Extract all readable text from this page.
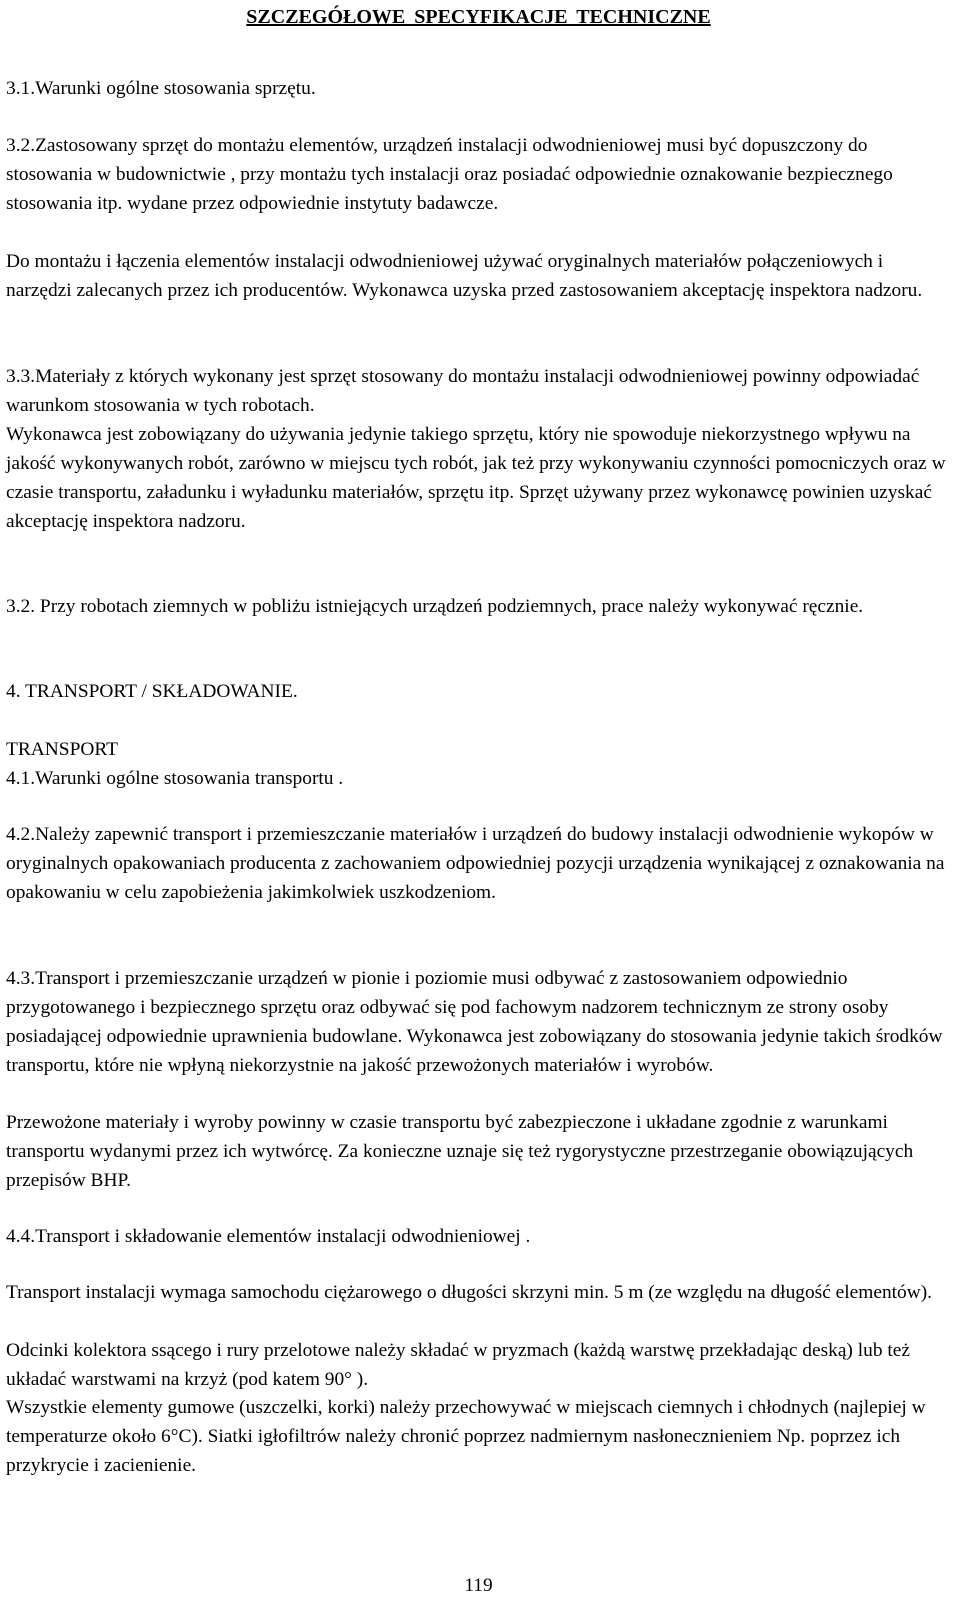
SZCZEGÓŁOWE SPECYFIKACJE TECHNICZNE

3.1.Warunki ogólne stosowania sprzętu.

3.2.Zastosowany sprzęt do montażu elementów, urządzeń instalacji odwodnieniowej musi być dopuszczony do stosowania w budownictwie , przy montażu tych instalacji oraz posiadać odpowiednie oznakowanie bezpiecznego stosowania itp. wydane przez odpowiednie instytuty badawcze.

Do montażu i łączenia elementów instalacji odwodnieniowej używać oryginalnych materiałów połączeniowych i narzędzi zalecanych przez ich producentów. Wykonawca uzyska przed zastosowaniem akceptację inspektora nadzoru.

3.3.Materiały z których wykonany jest sprzęt stosowany do montażu instalacji odwodnieniowej powinny odpowiadać warunkom stosowania w tych robotach.

Wykonawca jest zobowiązany do używania jedynie takiego sprzętu, który nie spowoduje niekorzystnego wpływu na jakość wykonywanych robót, zarówno w miejscu tych robót, jak też przy wykonywaniu czynności pomocniczych oraz w czasie transportu, załadunku i wyładunku materiałów, sprzętu itp. Sprzęt używany przez wykonawcę powinien uzyskać akceptację inspektora nadzoru.

3.2. Przy robotach ziemnych w pobliżu istniejących urządzeń podziemnych, prace należy wykonywać ręcznie.

4. TRANSPORT / SKŁADOWANIE.

TRANSPORT

4.1.Warunki ogólne stosowania transportu .

4.2.Należy zapewnić transport i przemieszczanie materiałów i urządzeń do budowy instalacji odwodnienie wykopów w oryginalnych opakowaniach producenta z zachowaniem odpowiedniej pozycji urządzenia wynikającej z oznakowania na opakowaniu w celu zapobieżenia jakimkolwiek uszkodzeniom.

4.3.Transport i przemieszczanie urządzeń w pionie i poziomie musi odbywać z zastosowaniem odpowiednio przygotowanego i bezpiecznego sprzętu oraz odbywać się pod fachowym nadzorem technicznym ze strony osoby posiadającej odpowiednie uprawnienia budowlane. Wykonawca jest zobowiązany do stosowania jedynie takich środków transportu, które nie wpłyną niekorzystnie na jakość przewożonych materiałów i wyrobów.

Przewożone materiały i wyroby powinny w czasie transportu być zabezpieczone i układane zgodnie z warunkami transportu wydanymi przez ich wytwórcę. Za konieczne uznaje się też rygorystyczne przestrzeganie obowiązujących przepisów BHP.

4.4.Transport i składowanie elementów instalacji odwodnieniowej .

Transport instalacji wymaga samochodu ciężarowego o długości skrzyni min. 5 m (ze względu na długość elementów).

Odcinki kolektora ssącego i rury przelotowe należy składać w pryzmach (każdą warstwę przekładając deską) lub też układać warstwami na krzyż (pod katem 90° ).

Wszystkie elementy gumowe (uszczelki, korki) należy przechowywać w miejscach ciemnych i chłodnych (najlepiej w temperaturze około 6°C). Siatki igłofiltrów należy chronić poprzez nadmiernym nasłonecznieniem Np. poprzez ich przykrycie i zacienienie.

119
